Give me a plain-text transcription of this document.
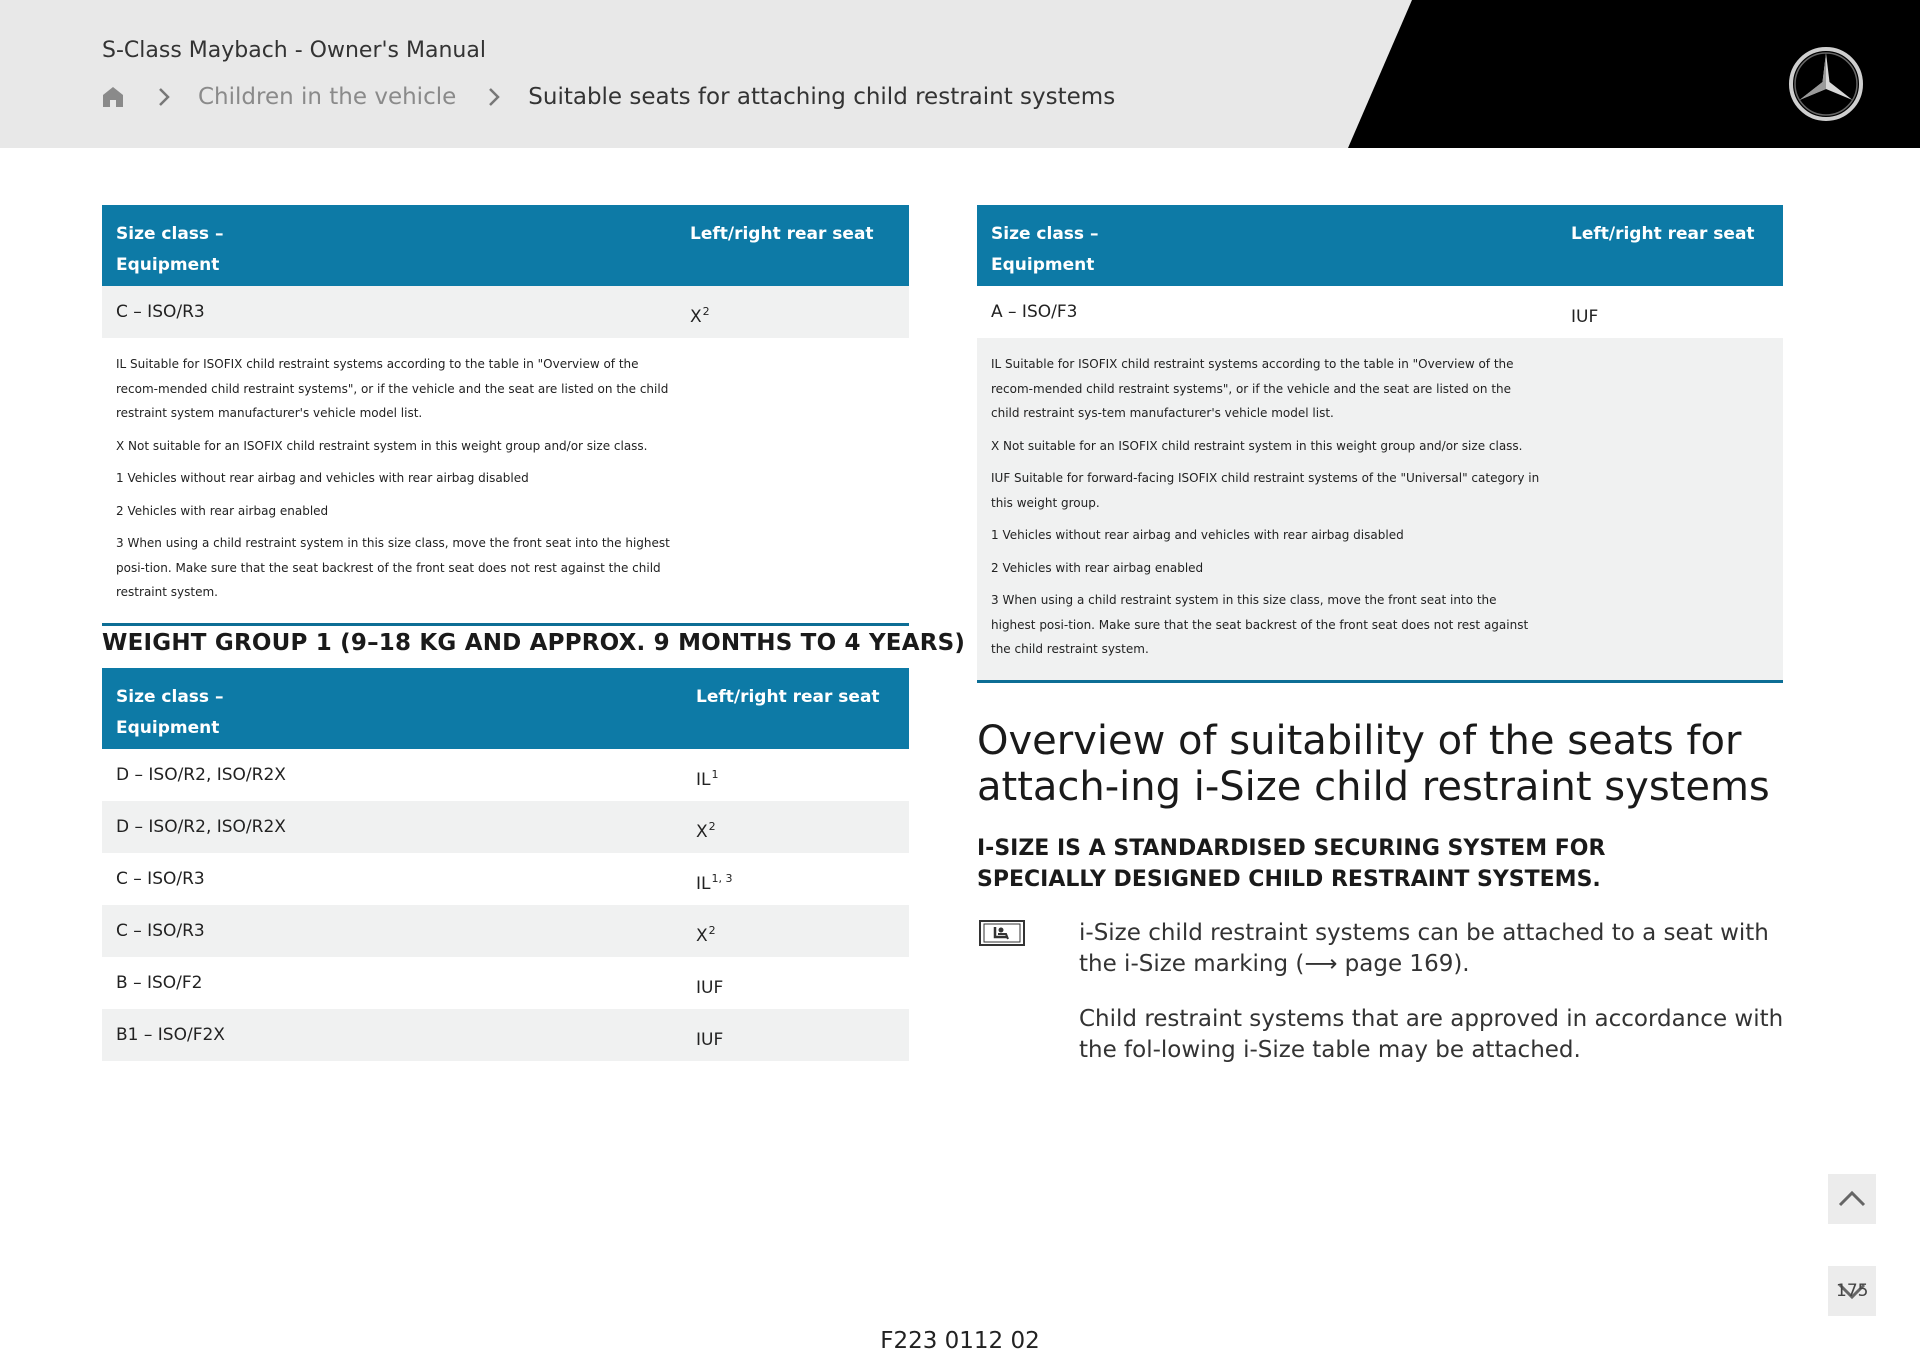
S-Class Maybach - Owner's Manual
Children in the vehicle	Suitable seats for attaching child restraint systems
Size class –
Equipment
Left/right rear seat
C – ISO/R3	$X^2$

IL Suitable for ISOFIX child restraint systems according to the table in "Overview of the recom-mended child restraint systems", or if the vehicle and the seat are listed on the child restraint system manufacturer's vehicle model list.

X Not suitable for an ISOFIX child restraint system in this weight group and/or size class.

1 Vehicles without rear airbag and vehicles with rear airbag disabled

2 Vehicles with rear airbag enabled

3 When using a child restraint system in this size class, move the front seat into the highest posi-tion. Make sure that the seat backrest of the front seat does not rest against the child restraint system.

WEIGHT GROUP 1 (9–18 KG AND APPROX. 9 MONTHS TO 4 YEARS)
Size class –
Equipment
Left/right rear seat
D – ISO/R2, ISO/R2X	$IL^1$
D – ISO/R2, ISO/R2X	$X^2$
C – ISO/R3	IL$^{1, 3}$
C – ISO/R3	$X^2$
B – ISO/F2	IUF
B1 – ISO/F2X	IUF
Size class –
Equipment
Left/right rear seat
A – ISO/F3	IUF

IL Suitable for ISOFIX child restraint systems according to the table in "Overview of the recom-mended child restraint systems", or if the vehicle and the seat are listed on the child restraint sys-tem manufacturer's vehicle model list.

X Not suitable for an ISOFIX child restraint system in this weight group and/or size class.

IUF Suitable for forward-facing ISOFIX child restraint systems of the "Universal" category in this weight group.

1 Vehicles without rear airbag and vehicles with rear airbag disabled

2 Vehicles with rear airbag enabled

3 When using a child restraint system in this size class, move the front seat into the highest posi-tion. Make sure that the seat backrest of the front seat does not rest against the child restraint system.

Overview of suitability of the seats for attach-ing i-Size child restraint systems
I-SIZE IS A STANDARDISED SECURING SYSTEM FOR SPECIALLY DESIGNED CHILD RESTRAINT SYSTEMS.
i-Size child restraint systems can be attached to a seat with the i-Size marking (⟶ page 169).
Child restraint systems that are approved in accordance with the fol-lowing i-Size table may be attached.
175
F223 0112 02
